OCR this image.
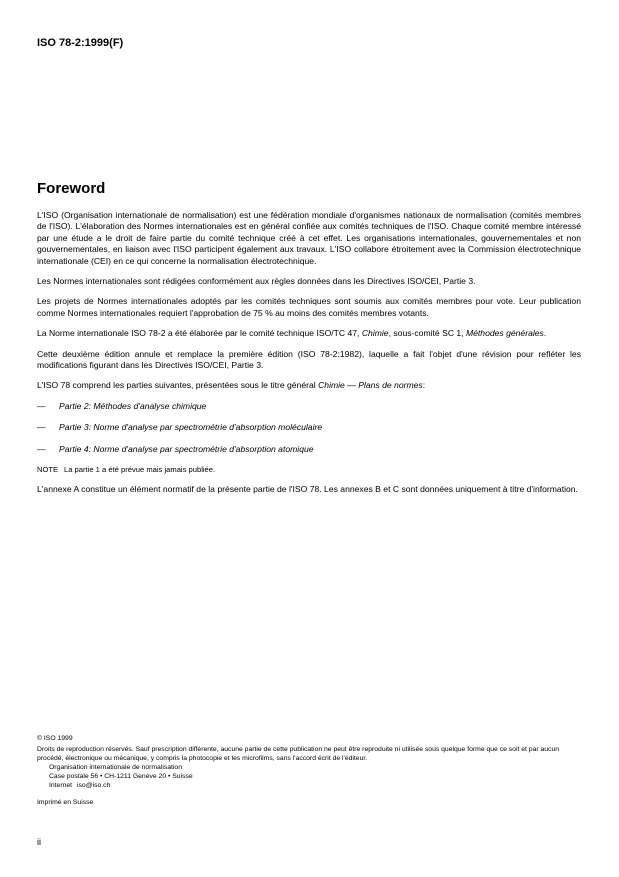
ISO 78-2:1999(F)
Foreword

L'ISO (Organisation internationale de normalisation) est une fédération mondiale d'organismes nationaux de normalisation (comités membres de l'ISO). L'élaboration des Normes internationales est en général confiée aux comités techniques de l'ISO. Chaque comité membre intéressé par une étude a le droit de faire partie du comité technique créé à cet effet. Les organisations internationales, gouvernementales et non gouvernementales, en liaison avec l'ISO participent également aux travaux. L'ISO collabore étroitement avec la Commission électrotechnique internationale (CEI) en ce qui concerne la normalisation électrotechnique.

Les Normes internationales sont rédigées conformément aux règles données dans les Directives ISO/CEI, Partie 3.

Les projets de Normes internationales adoptés par les comités techniques sont soumis aux comités membres pour vote. Leur publication comme Normes internationales requiert l'approbation de 75 % au moins des comités membres votants.

La Norme internationale ISO 78-2 a été élaborée par le comité technique ISO/TC 47, Chimie, sous-comité SC 1, Méthodes générales.

Cette deuxième édition annule et remplace la première édition (ISO 78-2:1982), laquelle a fait l'objet d'une révision pour refléter les modifications figurant dans les Directives ISO/CEI, Partie 3.

L'ISO 78 comprend les parties suivantes, présentées sous le titre général Chimie — Plans de normes:

— Partie 2: Méthodes d'analyse chimique
— Partie 3: Norme d'analyse par spectrométrie d'absorption moléculaire
— Partie 4: Norme d'analyse par spectrométrie d'absorption atomique
NOTE La partie 1 a été prévue mais jamais publiée.

L'annexe A constitue un élément normatif de la présente partie de l'ISO 78. Les annexes B et C sont données uniquement à titre d'information.

© ISO 1999
Droits de reproduction réservés. Sauf prescription différente, aucune partie de cette publication ne peut être reproduite ni utilisée sous quelque forme que ce soit et par aucun procédé, électronique ou mécanique, y compris la photocopie et les microfilms, sans l'accord écrit de l'éditeur.
Organisation internationale de normalisation
Case postale 56 • CH-1211 Genève 20 • Suisse
Internet iso@iso.ch
Imprimé en Suisse
ii
